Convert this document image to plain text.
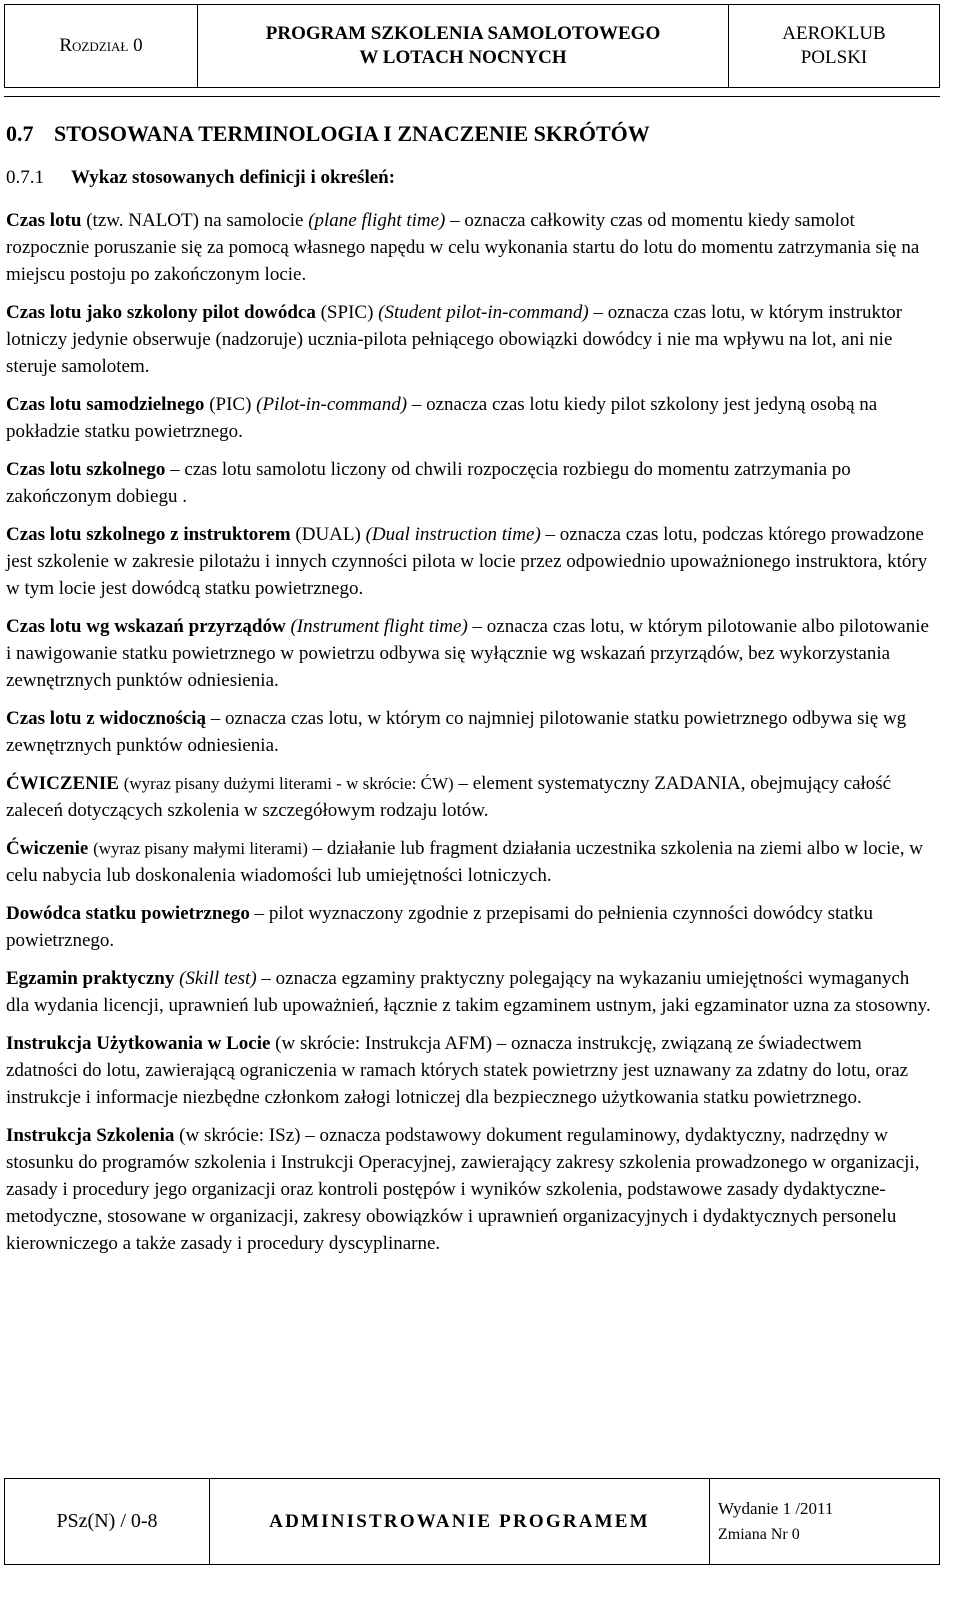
Rozdział 0
PROGRAM SZKOLENIA SAMOLOTOWEGO
W LOTACH NOCNYCH
AEROKLUB
POLSKI
0.7 STOSOWANA TERMINOLOGIA I ZNACZENIE SKRÓTÓW
0.7.1 Wykaz stosowanych definicji i określeń:

Czas lotu (tzw. NALOT) na samolocie (plane flight time) – oznacza całkowity czas od momentu kiedy samolot rozpocznie poruszanie się za pomocą własnego napędu w celu wykonania startu do lotu do momentu zatrzymania się na miejscu postoju po zakończonym locie.

Czas lotu jako szkolony pilot dowódca (SPIC) (Student pilot-in-command) – oznacza czas lotu, w którym instruktor lotniczy jedynie obserwuje (nadzoruje) ucznia-pilota pełniącego obowiązki dowódcy i nie ma wpływu na lot, ani nie steruje samolotem.

Czas lotu samodzielnego (PIC) (Pilot-in-command) – oznacza czas lotu kiedy pilot szkolony jest jedyną osobą na pokładzie statku powietrznego.

Czas lotu szkolnego – czas lotu samolotu liczony od chwili rozpoczęcia rozbiegu do momentu zatrzymania po zakończonym dobiegu .

Czas lotu szkolnego z instruktorem (DUAL) (Dual instruction time) – oznacza czas lotu, podczas którego prowadzone jest szkolenie w zakresie pilotażu i innych czynności pilota w locie przez odpowiednio upoważnionego instruktora, który w tym locie jest dowódcą statku powietrznego.

Czas lotu wg wskazań przyrządów (Instrument flight time) – oznacza czas lotu, w którym pilotowanie albo pilotowanie i nawigowanie statku powietrznego w powietrzu odbywa się wyłącznie wg wskazań przyrządów, bez wykorzystania zewnętrznych punktów odniesienia.

Czas lotu z widocznością – oznacza czas lotu, w którym co najmniej pilotowanie statku powietrznego odbywa się wg zewnętrznych punktów odniesienia.

ĆWICZENIE (wyraz pisany dużymi literami - w skrócie: ĆW) – element systematyczny ZADANIA, obejmujący całość zaleceń dotyczących szkolenia w szczegółowym rodzaju lotów.

Ćwiczenie (wyraz pisany małymi literami) – działanie lub fragment działania uczestnika szkolenia na ziemi albo w locie, w celu nabycia lub doskonalenia wiadomości lub umiejętności lotniczych.

Dowódca statku powietrznego – pilot wyznaczony zgodnie z przepisami do pełnienia czynności dowódcy statku powietrznego.

Egzamin praktyczny (Skill test) – oznacza egzaminy praktyczny polegający na wykazaniu umiejętności wymaganych dla wydania licencji, uprawnień lub upoważnień, łącznie z takim egzaminem ustnym, jaki egzaminator uzna za stosowny.

Instrukcja Użytkowania w Locie (w skrócie: Instrukcja AFM) – oznacza instrukcję, związaną ze świadectwem zdatności do lotu, zawierającą ograniczenia w ramach których statek powietrzny jest uznawany za zdatny do lotu, oraz instrukcje i informacje niezbędne członkom załogi lotniczej dla bezpiecznego użytkowania statku powietrznego.

Instrukcja Szkolenia (w skrócie: ISz) – oznacza podstawowy dokument regulaminowy, dydaktyczny, nadrzędny w stosunku do programów szkolenia i Instrukcji Operacyjnej, zawierający zakresy szkolenia prowadzonego w organizacji, zasady i procedury jego organizacji oraz kontroli postępów i wyników szkolenia, podstawowe zasady dydaktyczne-metodyczne, stosowane w organizacji, zakresy obowiązków i uprawnień organizacyjnych i dydaktycznych personelu kierowniczego a także zasady i procedury dyscyplinarne.

PSz(N) / 0-8	ADMINISTROWANIE PROGRAMEM
Wydanie 1 /2011
Zmiana Nr 0
